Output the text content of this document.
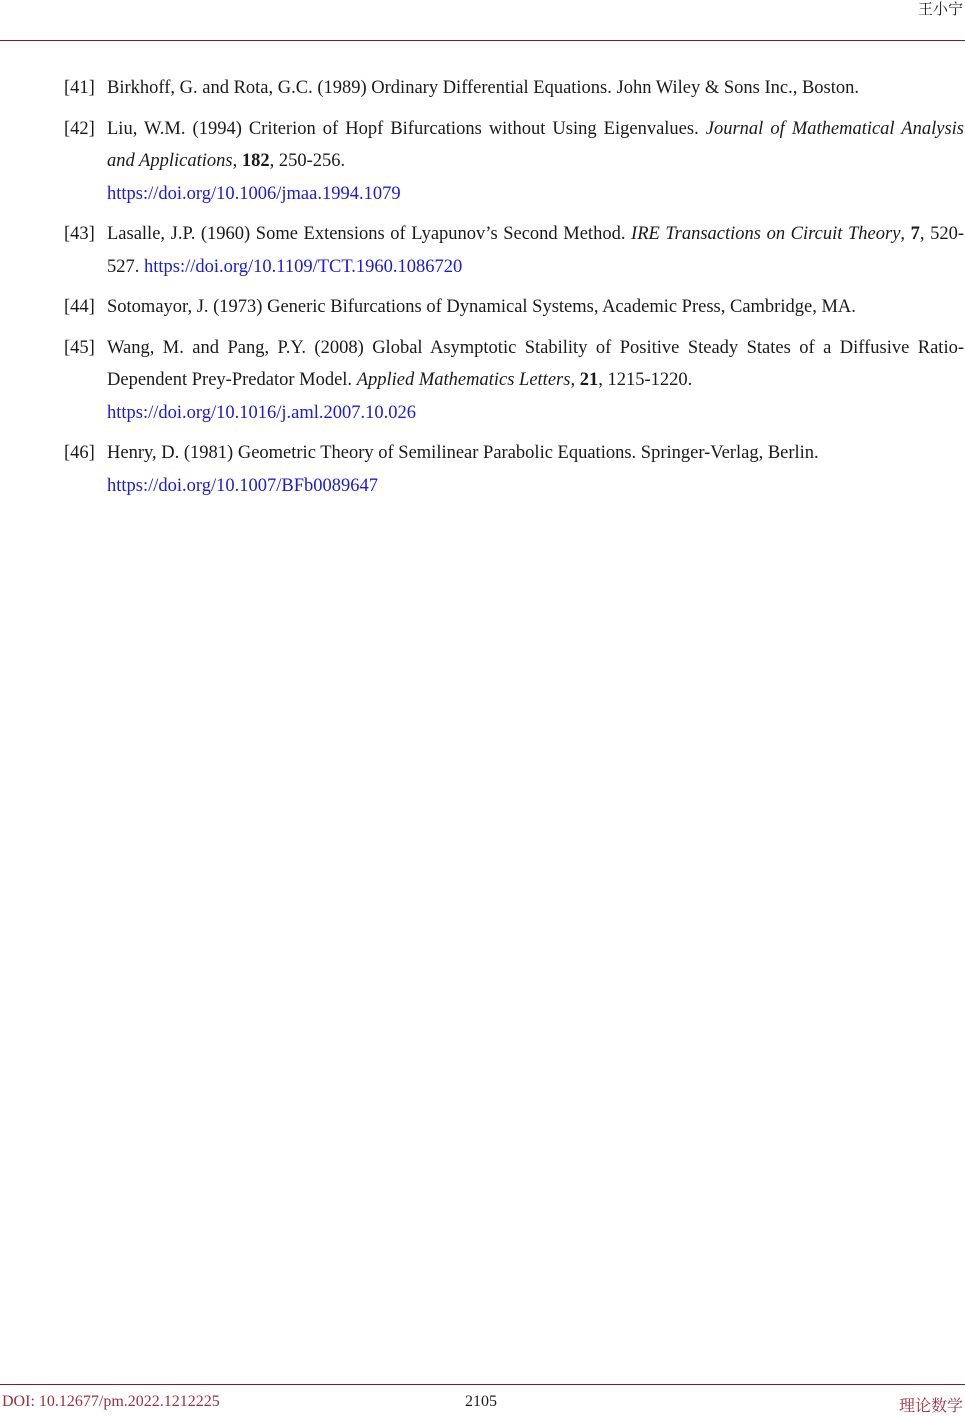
王小宁
[41] Birkhoff, G. and Rota, G.C. (1989) Ordinary Differential Equations. John Wiley & Sons Inc., Boston.
[42] Liu, W.M. (1994) Criterion of Hopf Bifurcations without Using Eigenvalues. Journal of Mathematical Analysis and Applications, 182, 250-256.
https://doi.org/10.1006/jmaa.1994.1079
[43] Lasalle, J.P. (1960) Some Extensions of Lyapunov’s Second Method. IRE Transactions on Circuit Theory, 7, 520-527. https://doi.org/10.1109/TCT.1960.1086720
[44] Sotomayor, J. (1973) Generic Bifurcations of Dynamical Systems, Academic Press, Cambridge, MA.
[45] Wang, M. and Pang, P.Y. (2008) Global Asymptotic Stability of Positive Steady States of a Diffusive Ratio-Dependent Prey-Predator Model. Applied Mathematics Letters, 21, 1215-1220.
https://doi.org/10.1016/j.aml.2007.10.026
[46] Henry, D. (1981) Geometric Theory of Semilinear Parabolic Equations. Springer-Verlag, Berlin.
https://doi.org/10.1007/BFb0089647
DOI: 10.12677/pm.2022.1212225	2105	理论数学
